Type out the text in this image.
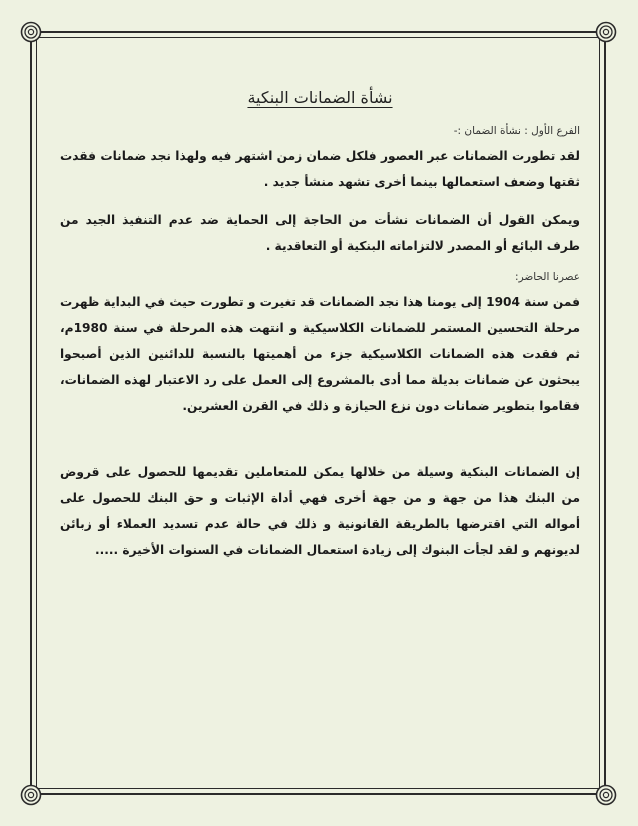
نشأة الضمانات البنكية
الفرع الأول : نشأة الضمان :-

لقد تطورت الضمانات عبر العصور فلكل ضمان زمن اشتهر فيه ولهذا نجد ضمانات فقدت ثقتها وضعف استعمالها بينما أخرى تشهد منشأ جديد .

ويمكن القول أن الضمانات نشأت من الحاجة إلى الحماية ضد عدم التنفيذ الجيد من طرف البائع أو المصدر لالتزاماته البنكية أو التعاقدية .

عصرنا الحاضر:

فمن سنة 1904 إلى يومنا هذا نجد الضمانات قد تغيرت و تطورت حيث في البداية ظهرت مرحلة التحسين المستمر للضمانات الكلاسيكية و انتهت هذه المرحلة في سنة 1980م، ثم فقدت هذه الضمانات الكلاسيكية جزء من أهميتها بالنسبة للدائنين الذين أصبحوا يبحثون عن ضمانات بديلة مما أدى بالمشروع إلى العمل على رد الاعتبار لهذه الضمانات، فقاموا بتطوير ضمانات دون نزع الحيازة و ذلك في القرن العشرين.

إن الضمانات البنكية وسيلة من خلالها يمكن للمتعاملين تقديمها للحصول على قروض من البنك هذا من جهة و من جهة أخرى فهي أداة الإثبات و حق البنك للحصول على أمواله التي اقترضها بالطريقة القانونية و ذلك في حالة عدم تسديد العملاء أو زبائن لديونهم و لقد لجأت البنوك إلى زيادة استعمال الضمانات في السنوات الأخيرة .....
